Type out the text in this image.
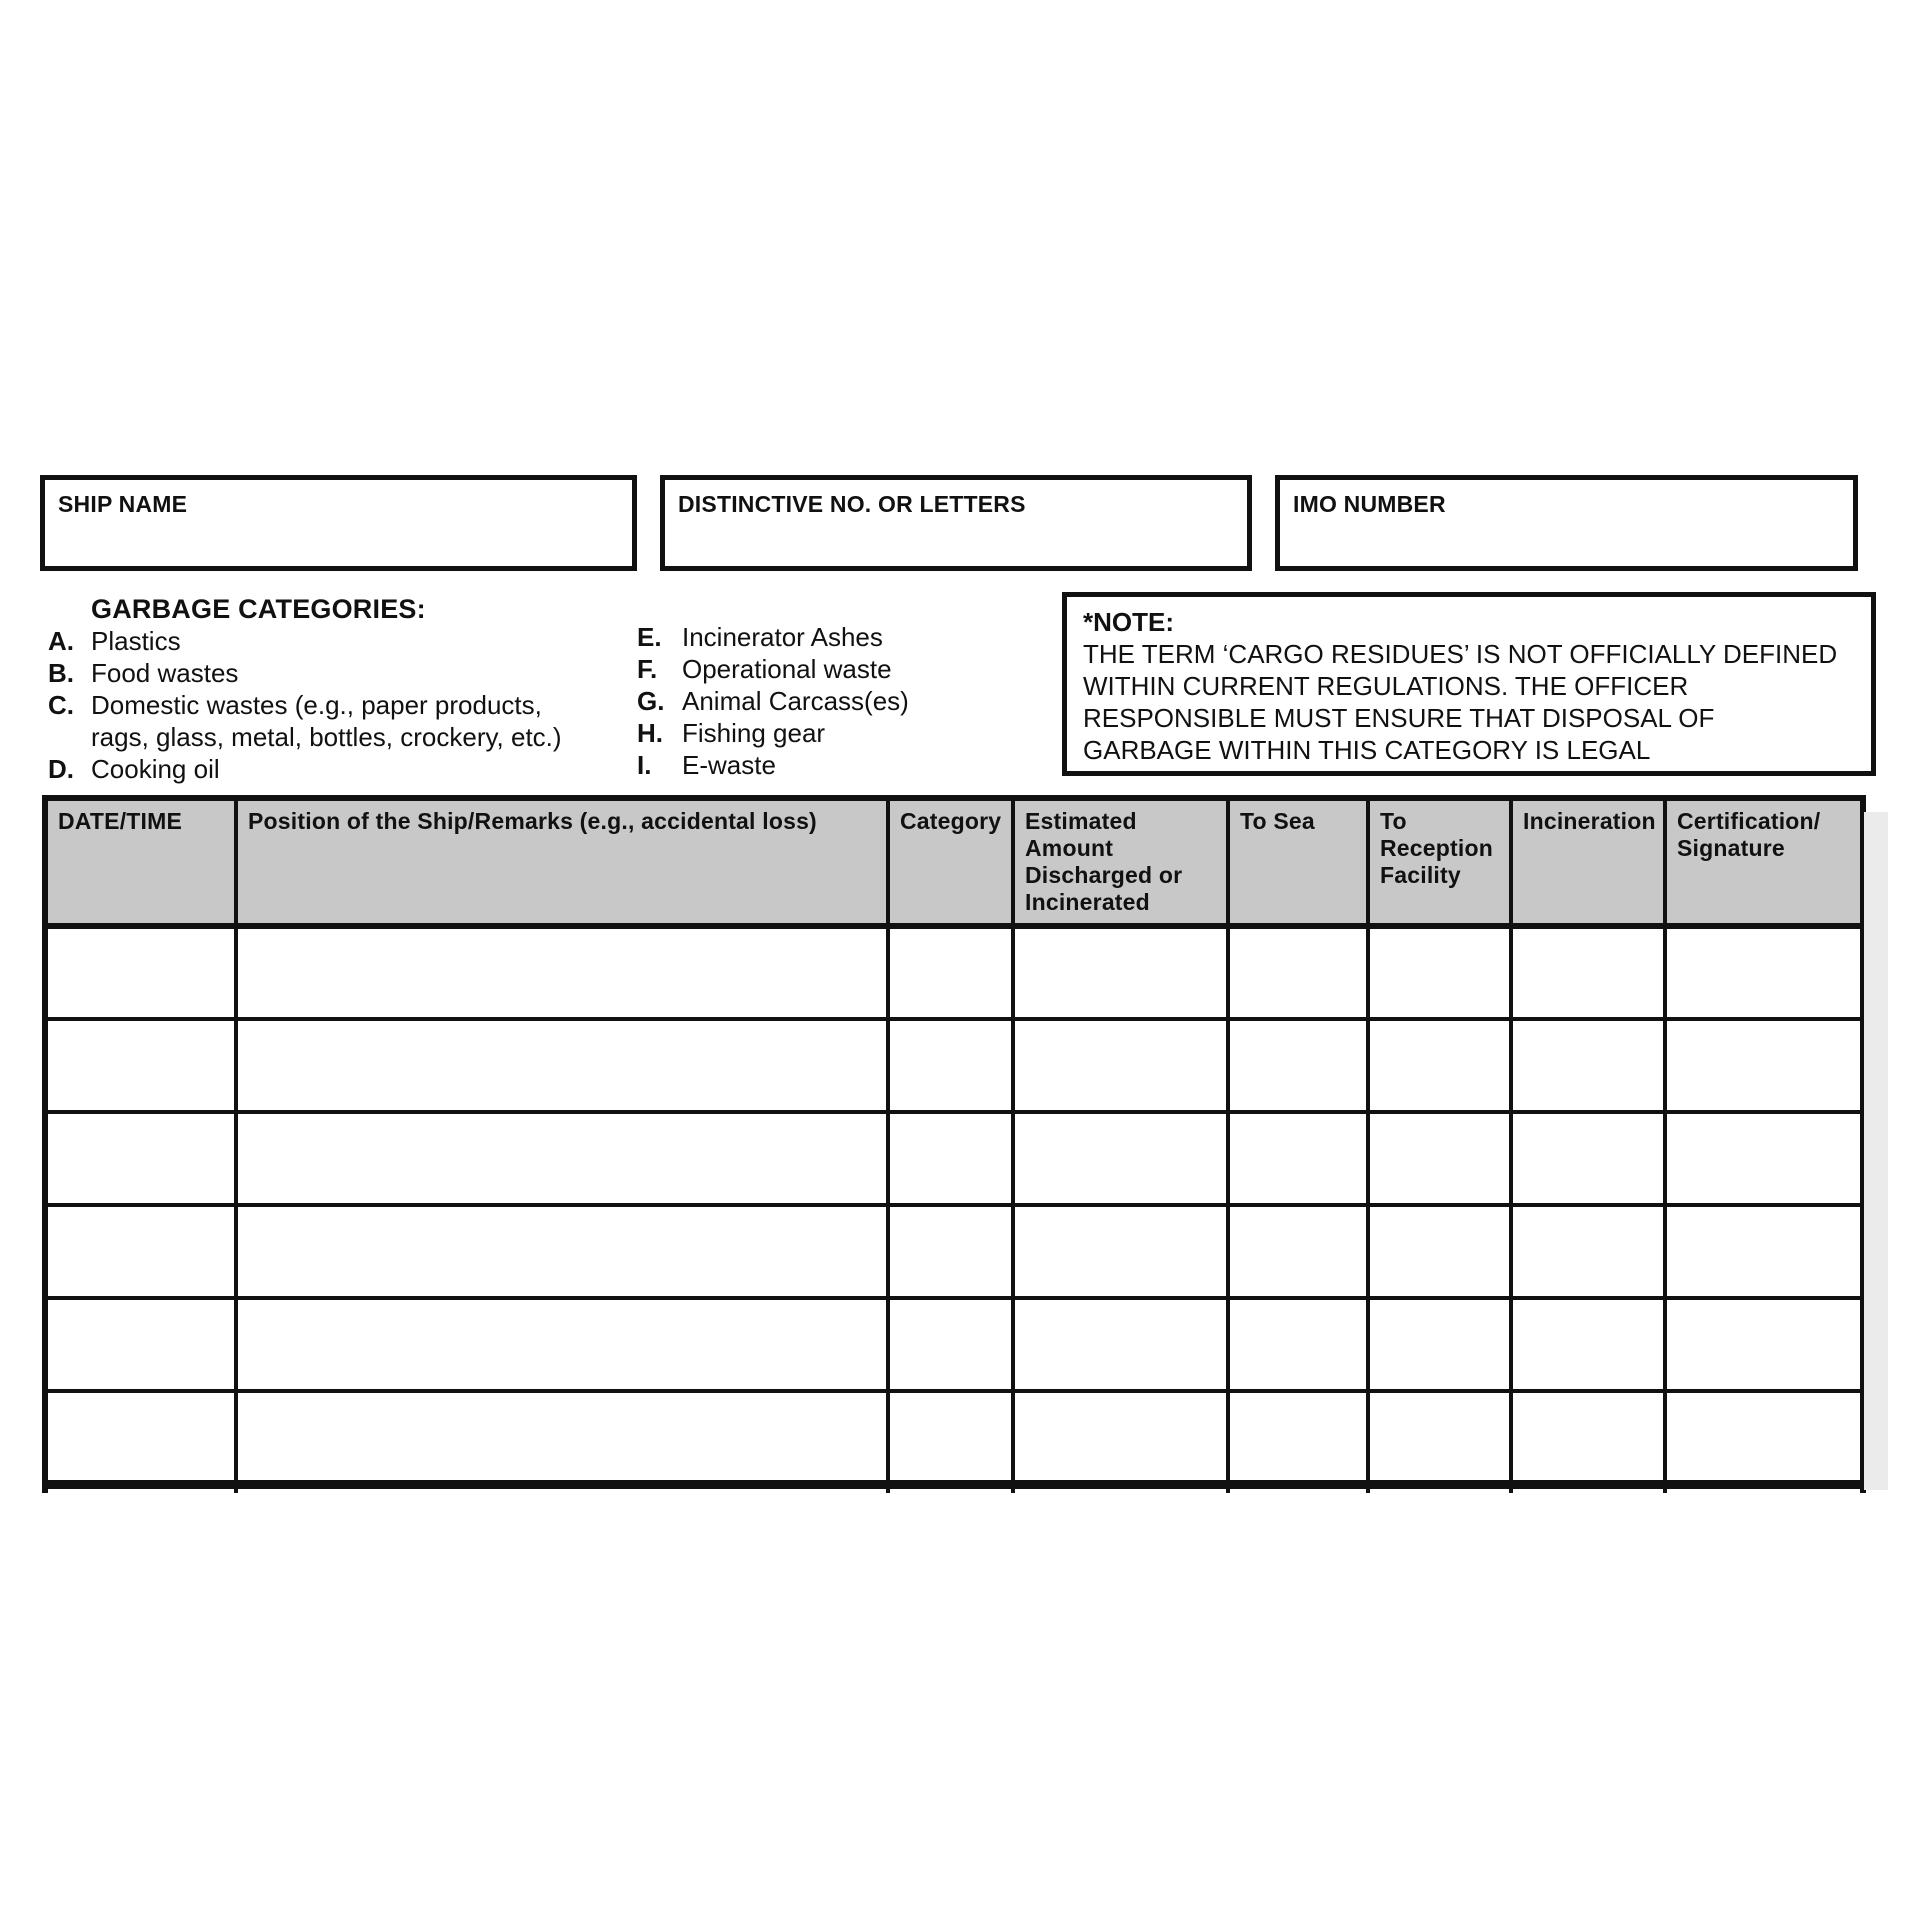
SHIP NAME	DISTINCTIVE NO. OR LETTERS	IMO NUMBER
GARBAGE CATEGORIES:
A. Plastics
B. Food wastes
C. Domestic wastes (e.g., paper products, rags, glass, metal, bottles, crockery, etc.)
D. Cooking oil
E. Incinerator Ashes
F. Operational waste
G. Animal Carcass(es)
H. Fishing gear
I.	E-waste
*NOTE:
THE TERM ‘CARGO RESIDUES’ IS NOT OFFICIALLY DEFINED WITHIN CURRENT REGULATIONS. THE OFFICER RESPONSIBLE MUST ENSURE THAT DISPOSAL OF GARBAGE WITHIN THIS CATEGORY IS LEGAL
DATE/TIME	Position of the Ship/Remarks (e.g., accidental loss)	Category	Estimated Amount Discharged or Incinerated	To Sea	To Reception Facility	Incineration	Certification/ Signature
